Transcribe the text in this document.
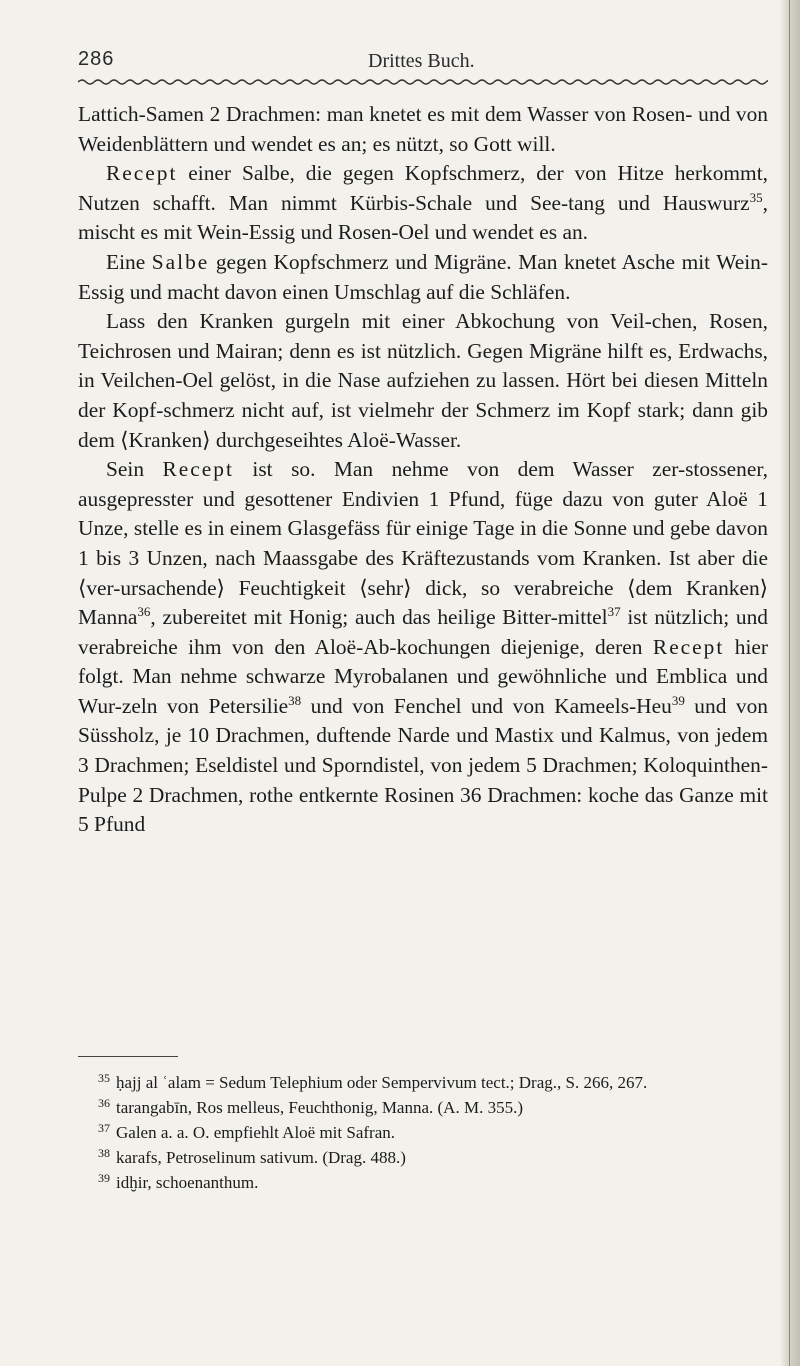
286	Drittes Buch.

Lattich-Samen 2 Drachmen: man knetet es mit dem Wasser von Rosen- und von Weidenblättern und wendet es an; es nützt, so Gott will.

Recept einer Salbe, die gegen Kopfschmerz, der von Hitze herkommt, Nutzen schafft. Man nimmt Kürbis-Schale und See-tang und Hauswurz$^{35}$, mischt es mit Wein-Essig und Rosen-Oel und wendet es an.

Eine Salbe gegen Kopfschmerz und Migräne. Man knetet Asche mit Wein-Essig und macht davon einen Umschlag auf die Schläfen.

Lass den Kranken gurgeln mit einer Abkochung von Veil-chen, Rosen, Teichrosen und Mairan; denn es ist nützlich. Gegen Migräne hilft es, Erdwachs, in Veilchen-Oel gelöst, in die Nase aufziehen zu lassen. Hört bei diesen Mitteln der Kopf-schmerz nicht auf, ist vielmehr der Schmerz im Kopf stark; dann gib dem ⟨Kranken⟩ durchgeseihtes Aloë-Wasser.

Sein Recept ist so. Man nehme von dem Wasser zer-stossener, ausgepresster und gesottener Endivien 1 Pfund, füge dazu von guter Aloë 1 Unze, stelle es in einem Glasgefäss für einige Tage in die Sonne und gebe davon 1 bis 3 Unzen, nach Maassgabe des Kräftezustands vom Kranken. Ist aber die ⟨ver-ursachende⟩ Feuchtigkeit ⟨sehr⟩ dick, so verabreiche ⟨dem Kranken⟩ Manna$^{36}$, zubereitet mit Honig; auch das heilige Bitter-mittel$^{37}$ ist nützlich; und verabreiche ihm von den Aloë-Ab-kochungen diejenige, deren Recept hier folgt. Man nehme schwarze Myrobalanen und gewöhnliche und Emblica und Wur-zeln von Petersilie$^{38}$ und von Fenchel und von Kameels-Heu$^{39}$ und von Süssholz, je 10 Drachmen, duftende Narde und Mastix und Kalmus, von jedem 3 Drachmen; Eseldistel und Sporndistel, von jedem 5 Drachmen; Koloquinthen-Pulpe 2 Drachmen, rothe entkernte Rosinen 36 Drachmen: koche das Ganze mit 5 Pfund

$^{35}$ ḥajj al ʿalam = Sedum Telephium oder Sempervivum tect.; Drag., S. 266, 267.

$^{36}$ tarangabīn, Ros melleus, Feuchthonig, Manna. (A. M. 355.)

$^{37}$ Galen a. a. O. empfiehlt Aloë mit Safran.

$^{38}$ karafs, Petroselinum sativum. (Drag. 488.)

$^{39}$ idḫir, schoenanthum.
